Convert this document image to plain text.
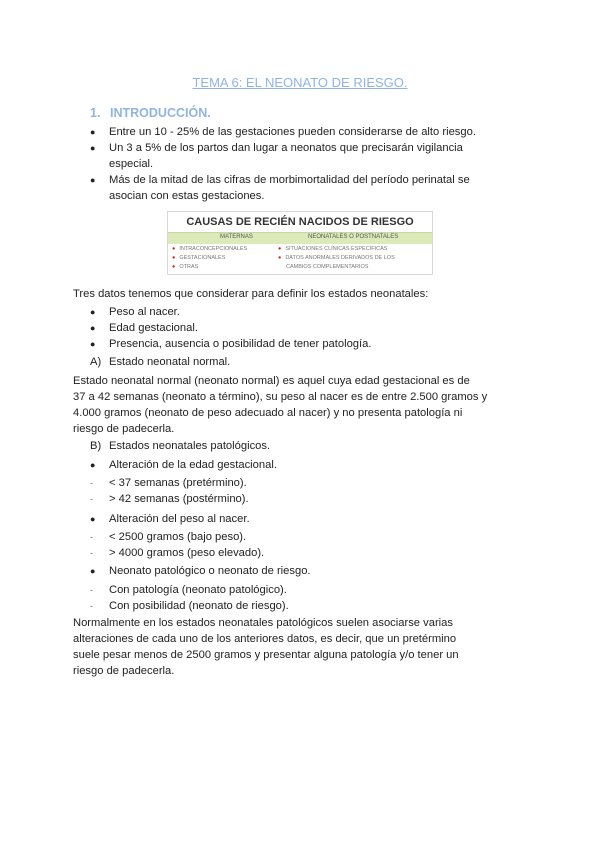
TEMA 6: EL NEONATO DE RIESGO.
1. INTRODUCCIÓN.
● Entre un 10 - 25% de las gestaciones pueden considerarse de alto riesgo.
● Un 3 a 5% de los partos dan lugar a neonatos que precisarán vigilancia
especial.
● Más de la mitad de las cifras de morbimortalidad del período perinatal se
asocian con estas gestaciones.
CAUSAS DE RECIÉN NACIDOS DE RIESGO
MATERNAS	NEONATALES O POSTNATALES
● INTRACONCEPCIONALES
● GESTACIONALES
● OTRAS
● SITUACIONES CLÍNICAS ESPECÍFICAS
● DATOS ANORMALES DERIVADOS DE LOS
CAMBIOS COMPLEMENTARIOS
Tres datos tenemos que considerar para definir los estados neonatales:
● Peso al nacer.
● Edad gestacional.
● Presencia, ausencia o posibilidad de tener patología.
A) Estado neonatal normal.
Estado neonatal normal (neonato normal) es aquel cuya edad gestacional es de
37 a 42 semanas (neonato a término), su peso al nacer es de entre 2.500 gramos y
4.000 gramos (neonato de peso adecuado al nacer) y no presenta patología ni
riesgo de padecerla.
B) Estados neonatales patológicos.
● Alteración de la edad gestacional.
- < 37 semanas (pretérmino).
- > 42 semanas (postérmino).
● Alteración del peso al nacer.
- < 2500 gramos (bajo peso).
- > 4000 gramos (peso elevado).
● Neonato patológico o neonato de riesgo.
- Con patología (neonato patológico).
- Con posibilidad (neonato de riesgo).
Normalmente en los estados neonatales patológicos suelen asociarse varias
alteraciones de cada uno de los anteriores datos, es decir, que un pretérmino
suele pesar menos de 2500 gramos y presentar alguna patología y/o tener un
riesgo de padecerla.
